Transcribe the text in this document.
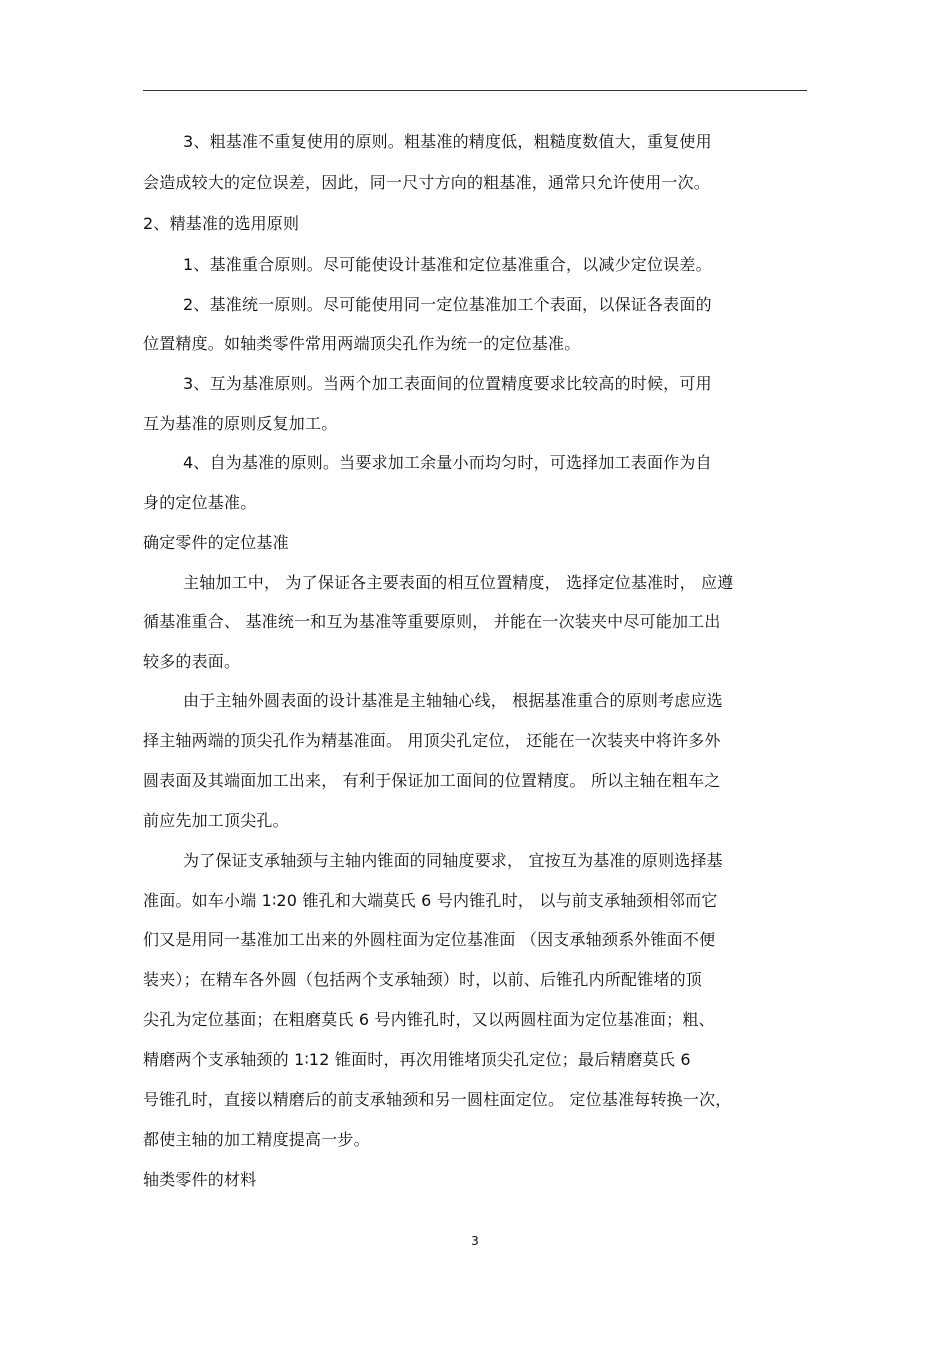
3、粗基准不重复使用的原则。粗基准的精度低，粗糙度数值大，重复使用
会造成较大的定位误差，因此，同一尺寸方向的粗基准，通常只允许使用一次。
2、精基准的选用原则
1、基准重合原则。尽可能使设计基准和定位基准重合，以减少定位误差。
2、基准统一原则。尽可能使用同一定位基准加工个表面，以保证各表面的
位置精度。如轴类零件常用两端顶尖孔作为统一的定位基准。
3、互为基准原则。当两个加工表面间的位置精度要求比较高的时候，可用
互为基准的原则反复加工。
4、自为基准的原则。当要求加工余量小而均匀时，可选择加工表面作为自
身的定位基准。
确定零件的定位基准
主轴加工中， 为了保证各主要表面的相互位置精度， 选择定位基准时， 应遵
循基准重合、 基准统一和互为基准等重要原则， 并能在一次装夹中尽可能加工出
较多的表面。
由于主轴外圆表面的设计基准是主轴轴心线， 根据基准重合的原则考虑应选
择主轴两端的顶尖孔作为精基准面。 用顶尖孔定位， 还能在一次装夹中将许多外
圆表面及其端面加工出来， 有利于保证加工面间的位置精度。 所以主轴在粗车之
前应先加工顶尖孔。
为了保证支承轴颈与主轴内锥面的同轴度要求， 宜按互为基准的原则选择基
准面。如车小端 1∶20 锥孔和大端莫氏 6 号内锥孔时， 以与前支承轴颈相邻而它
们又是用同一基准加工出来的外圆柱面为定位基准面 （因支承轴颈系外锥面不便
装夹）；在精车各外圆（包括两个支承轴颈）时，以前、后锥孔内所配锥堵的顶
尖孔为定位基面；在粗磨莫氏 6 号内锥孔时，又以两圆柱面为定位基准面；粗、
精磨两个支承轴颈的 1∶12 锥面时，再次用锥堵顶尖孔定位；最后精磨莫氏 6
号锥孔时，直接以精磨后的前支承轴颈和另一圆柱面定位。 定位基准每转换一次，
都使主轴的加工精度提高一步。
轴类零件的材料
3
